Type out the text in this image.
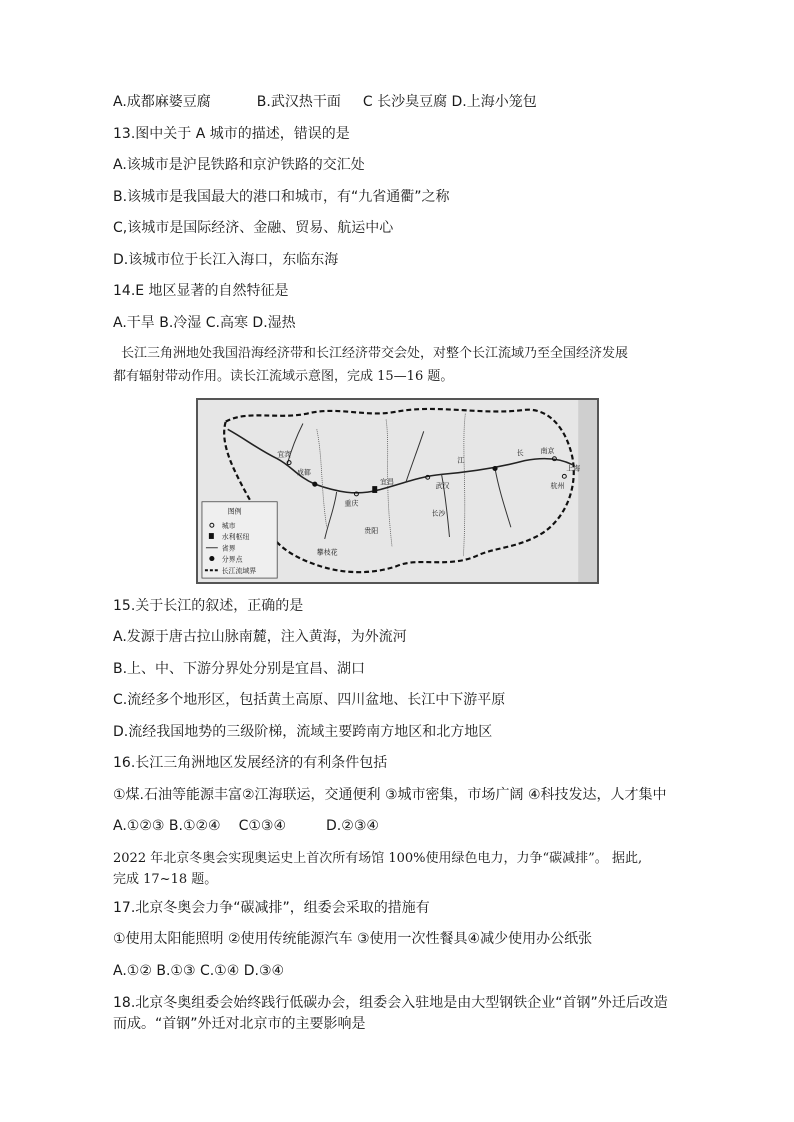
A.成都麻婆豆腐	B.武汉热干面 C 长沙臭豆腐 D.上海小笼包
13.图中关于 A 城市的描述，错误的是
A.该城市是沪昆铁路和京沪铁路的交汇处
B.该城市是我国最大的港口和城市，有“九省通衢”之称
C,该城市是国际经济、金融、贸易、航运中心
D.该城市位于长江入海口，东临东海
14.E 地区显著的自然特征是
A.干旱 B.冷湿 C.高寒 D.湿热
长江三角洲地处我国沿海经济带和长江经济带交会处，对整个长江流域乃至全国经济发展
都有辐射带动作用。读长江流域示意图，完成 15—16 题。
宜宾
重庆
武汉
宜昌
攀枝花
上海
南京
杭州
长沙
贵阳
成都
江
长
图例
城市
水利枢纽
省界
分界点
长江流域界
15.关于长江的叙述，正确的是
A.发源于唐古拉山脉南麓，注入黄海，为外流河
B.上、中、下游分界处分别是宜昌、湖口
C.流经多个地形区，包括黄土高原、四川盆地、长江中下游平原
D.流经我国地势的三级阶梯，流域主要跨南方地区和北方地区
16.长江三角洲地区发展经济的有利条件包括
①煤.石油等能源丰富②江海联运，交通便利 ③城市密集，市场广阔 ④科技发达，人才集中
A.①②③ B.①②④ C①③④	D.②③④
2022 年北京冬奥会实现奥运史上首次所有场馆 100%使用绿色电力，力争“碳减排”。 据此,
完成 17~18 题。
17.北京冬奥会力争“碳减排”，组委会采取的措施有
①使用太阳能照明 ②使用传统能源汽车 ③使用一次性餐具④减少使用办公纸张
A.①② B.①③ C.①④ D.③④
18.北京冬奥组委会始终践行低碳办会，组委会入驻地是由大型钢铁企业“首钢”外迁后改造
而成。“首钢”外迁对北京市的主要影响是
